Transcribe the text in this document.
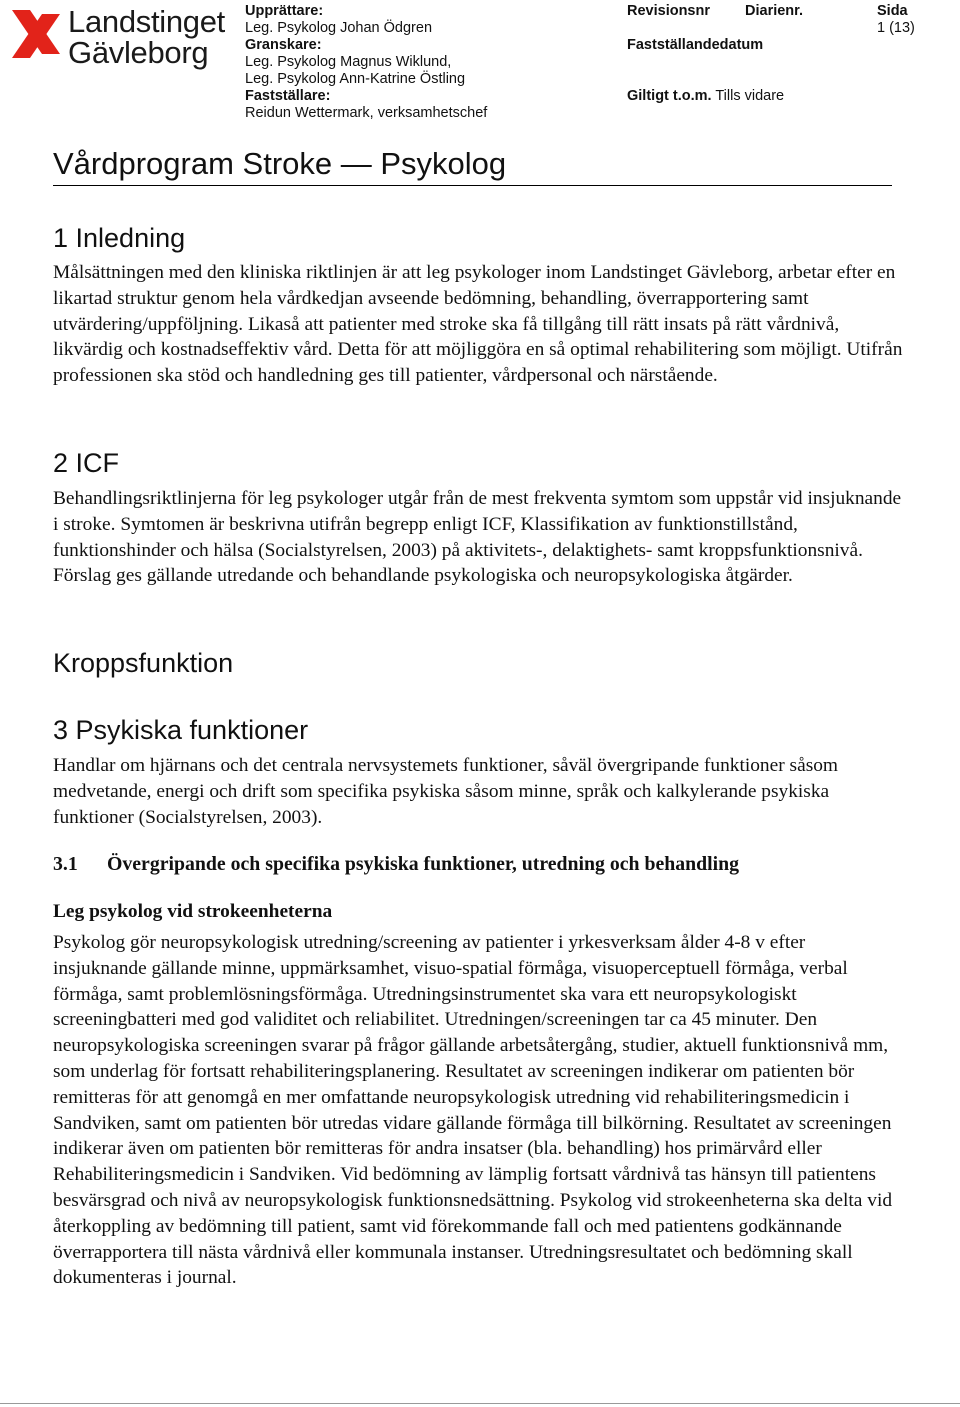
Landstinget
Gävleborg
Upprättare:
Leg. Psykolog Johan Ödgren
Granskare:
Leg. Psykolog Magnus Wiklund,
Leg. Psykolog Ann-Katrine Östling
Fastställare:
Reidun Wettermark, verksamhetschef
Revisionsnr Diarienr.
Fastställandedatum
Giltigt t.o.m. Tills vidare
Sida
1 (13)
Vårdprogram Stroke — Psykolog
1 Inledning

Målsättningen med den kliniska riktlinjen är att leg psykologer inom Landstinget Gävleborg, arbetar efter en likartad struktur genom hela vårdkedjan avseende bedömning, behandling, överrapportering samt utvärdering/uppföljning. Likaså att patienter med stroke ska få tillgång till rätt insats på rätt vårdnivå, likvärdig och kostnadseffektiv vård. Detta för att möjliggöra en så optimal rehabilitering som möjligt. Utifrån professionen ska stöd och handledning ges till patienter, vårdpersonal och närstående.

2 ICF

Behandlingsriktlinjerna för leg psykologer utgår från de mest frekventa symtom som uppstår vid insjuknande i stroke. Symtomen är beskrivna utifrån begrepp enligt ICF, Klassifikation av funktionstillstånd, funktionshinder och hälsa (Socialstyrelsen, 2003) på aktivitets-, delaktighets- samt kroppsfunktionsnivå. Förslag ges gällande utredande och behandlande psykologiska och neuropsykologiska åtgärder.

Kroppsfunktion
3 Psykiska funktioner

Handlar om hjärnans och det centrala nervsystemets funktioner, såväl övergripande funktioner såsom medvetande, energi och drift som specifika psykiska såsom minne, språk och kalkylerande psykiska funktioner (Socialstyrelsen, 2003).

3.1 Övergripande och specifika psykiska funktioner, utredning och behandling
Leg psykolog vid strokeenheterna

Psykolog gör neuropsykologisk utredning/screening av patienter i yrkesverksam ålder 4-8 v efter insjuknande gällande minne, uppmärksamhet, visuo-spatial förmåga, visuoperceptuell förmåga, verbal förmåga, samt problemlösningsförmåga. Utredningsinstrumentet ska vara ett neuropsykologiskt screeningbatteri med god validitet och reliabilitet. Utredningen/screeningen tar ca 45 minuter. Den neuropsykologiska screeningen svarar på frågor gällande arbetsåtergång, studier, aktuell funktionsnivå mm, som underlag för fortsatt rehabiliteringsplanering. Resultatet av screeningen indikerar om patienten bör remitteras för att genomgå en mer omfattande neuropsykologisk utredning vid rehabiliteringsmedicin i Sandviken, samt om patienten bör utredas vidare gällande förmåga till bilkörning. Resultatet av screeningen indikerar även om patienten bör remitteras för andra insatser (bla. behandling) hos primärvård eller Rehabiliteringsmedicin i Sandviken. Vid bedömning av lämplig fortsatt vårdnivå tas hänsyn till patientens besvärsgrad och nivå av neuropsykologisk funktionsnedsättning. Psykolog vid strokeenheterna ska delta vid återkoppling av bedömning till patient, samt vid förekommande fall och med patientens godkännande överrapportera till nästa vårdnivå eller kommunala instanser. Utredningsresultatet och bedömning skall dokumenteras i journal.
